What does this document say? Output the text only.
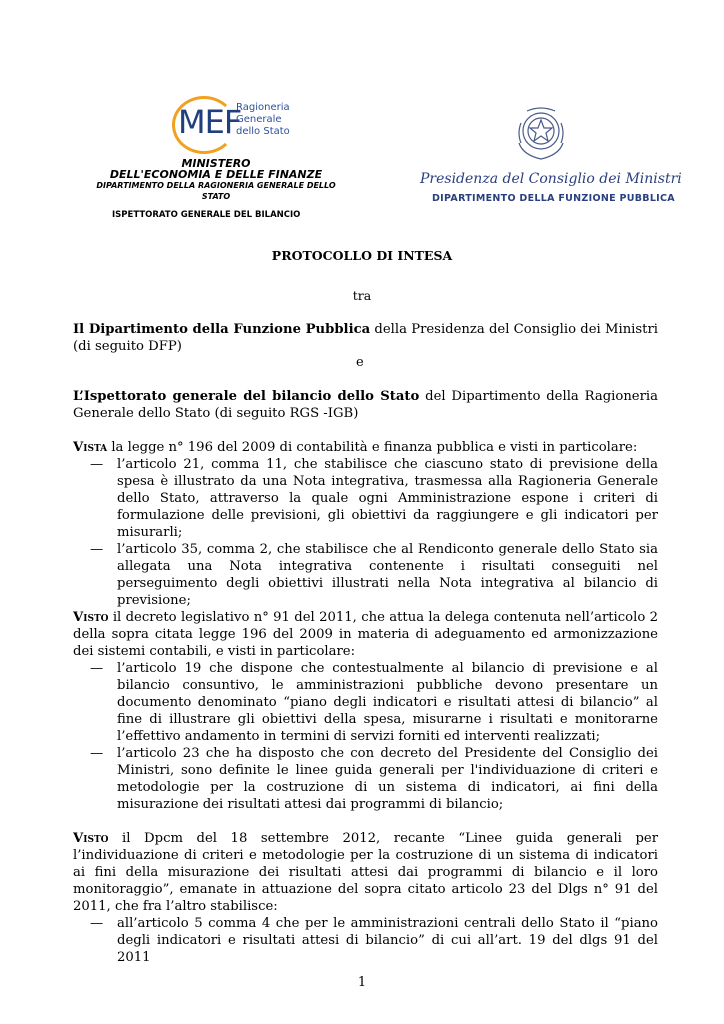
MEF
Ragioneria
Generale
dello Stato
MINISTERO
DELL'ECONOMIA E DELLE FINANZE
DIPARTIMENTO DELLA RAGIONERIA GENERALE DELLO
STATO
ISPETTORATO GENERALE DEL BILANCIO
Presidenza del Consiglio dei Ministri
DIPARTIMENTO DELLA FUNZIONE PUBBLICA
PROTOCOLLO DI INTESA
tra
Il Dipartimento della Funzione Pubblica della Presidenza del Consiglio dei Ministri (di seguito DFP)
e
L’Ispettorato generale del bilancio dello Stato del Dipartimento della Ragioneria Generale dello Stato (di seguito RGS -IGB)
Vista la legge n° 196 del 2009 di contabilità e finanza pubblica e visti in particolare:
— l’articolo 21, comma 11, che stabilisce che ciascuno stato di previsione della spesa è illustrato da una Nota integrativa, trasmessa alla Ragioneria Generale dello Stato, attraverso la quale ogni Amministrazione espone i criteri di formulazione delle previsioni, gli obiettivi da raggiungere e gli indicatori per misurarli;
— l’articolo 35, comma 2, che stabilisce che al Rendiconto generale dello Stato sia allegata una Nota integrativa contenente i risultati conseguiti nel perseguimento degli obiettivi illustrati nella Nota integrativa al bilancio di previsione;
Visto il decreto legislativo n° 91 del 2011, che attua la delega contenuta nell’articolo 2 della sopra citata legge 196 del 2009 in materia di adeguamento ed armonizzazione dei sistemi contabili, e visti in particolare:
— l’articolo 19 che dispone che contestualmente al bilancio di previsione e al bilancio consuntivo, le amministrazioni pubbliche devono presentare un documento denominato “piano degli indicatori e risultati attesi di bilancio” al fine di illustrare gli obiettivi della spesa, misurarne i risultati e monitorarne l’effettivo andamento in termini di servizi forniti ed interventi realizzati;
— l’articolo 23 che ha disposto che con decreto del Presidente del Consiglio dei Ministri, sono definite le linee guida generali per l'individuazione di criteri e metodologie per la costruzione di un sistema di indicatori, ai fini della misurazione dei risultati attesi dai programmi di bilancio;
Visto il Dpcm del 18 settembre 2012, recante “Linee guida generali per l’individuazione di criteri e metodologie per la costruzione di un sistema di indicatori ai fini della misurazione dei risultati attesi dai programmi di bilancio e il loro monitoraggio”, emanate in attuazione del sopra citato articolo 23 del Dlgs n° 91 del 2011, che fra l’altro stabilisce:
— all’articolo 5 comma 4 che per le amministrazioni centrali dello Stato il “piano degli indicatori e risultati attesi di bilancio” di cui all’art. 19 del dlgs 91 del 2011
1
